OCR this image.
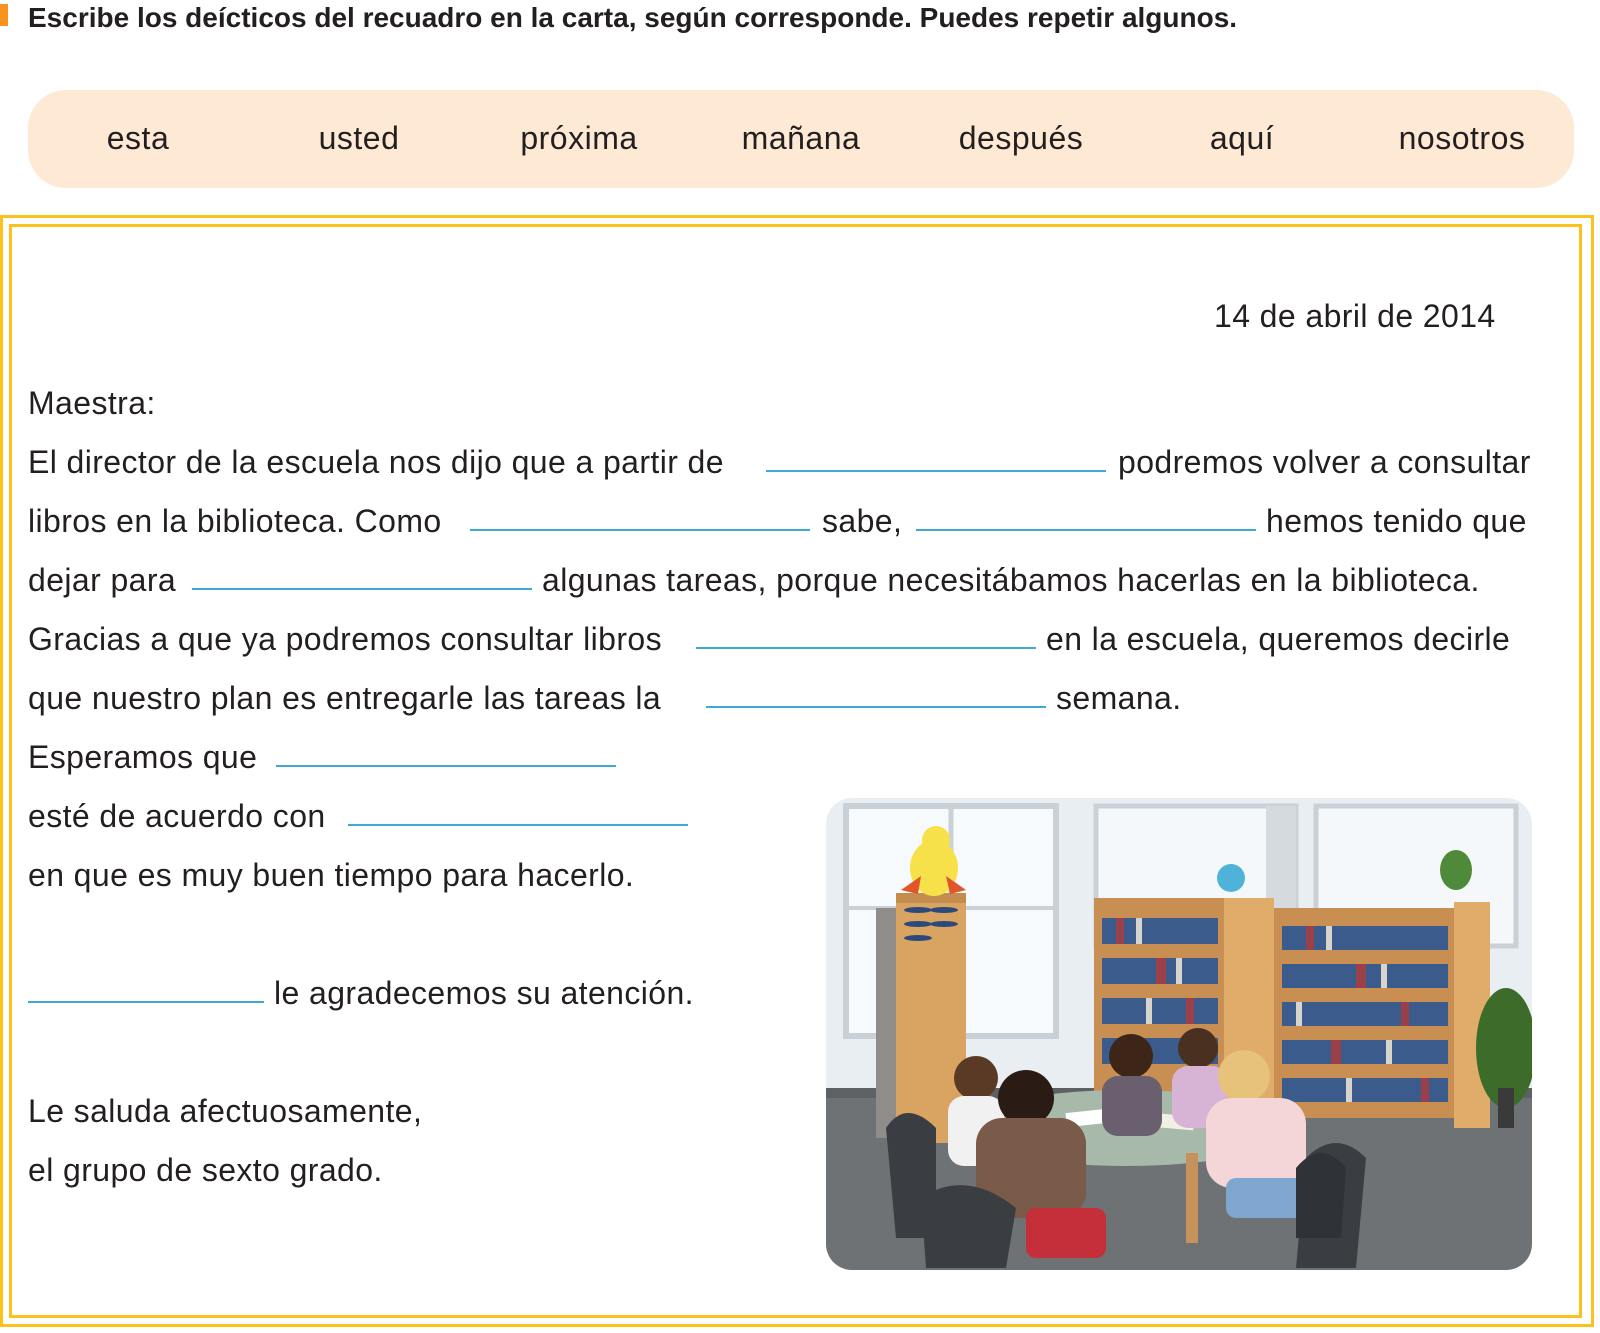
Escribe los deícticos del recuadro en la carta, según corresponde. Puedes repetir algunos.
esta	usted	próxima	mañana	después	aquí	nosotros
14 de abril de 2014
Maestra:
El director de la escuela nos dijo que a partir de	podremos volver a consultar
libros en la biblioteca. Como	sabe,	hemos tenido que
dejar para	algunas tareas, porque necesitábamos hacerlas en la biblioteca.
Gracias a que ya podremos consultar libros	en la escuela, queremos decirle
que nuestro plan es entregarle las tareas la	semana.
Esperamos que
esté de acuerdo con
en que es muy buen tiempo para hacerlo.
le agradecemos su atención.
Le saluda afectuosamente,
el grupo de sexto grado.
